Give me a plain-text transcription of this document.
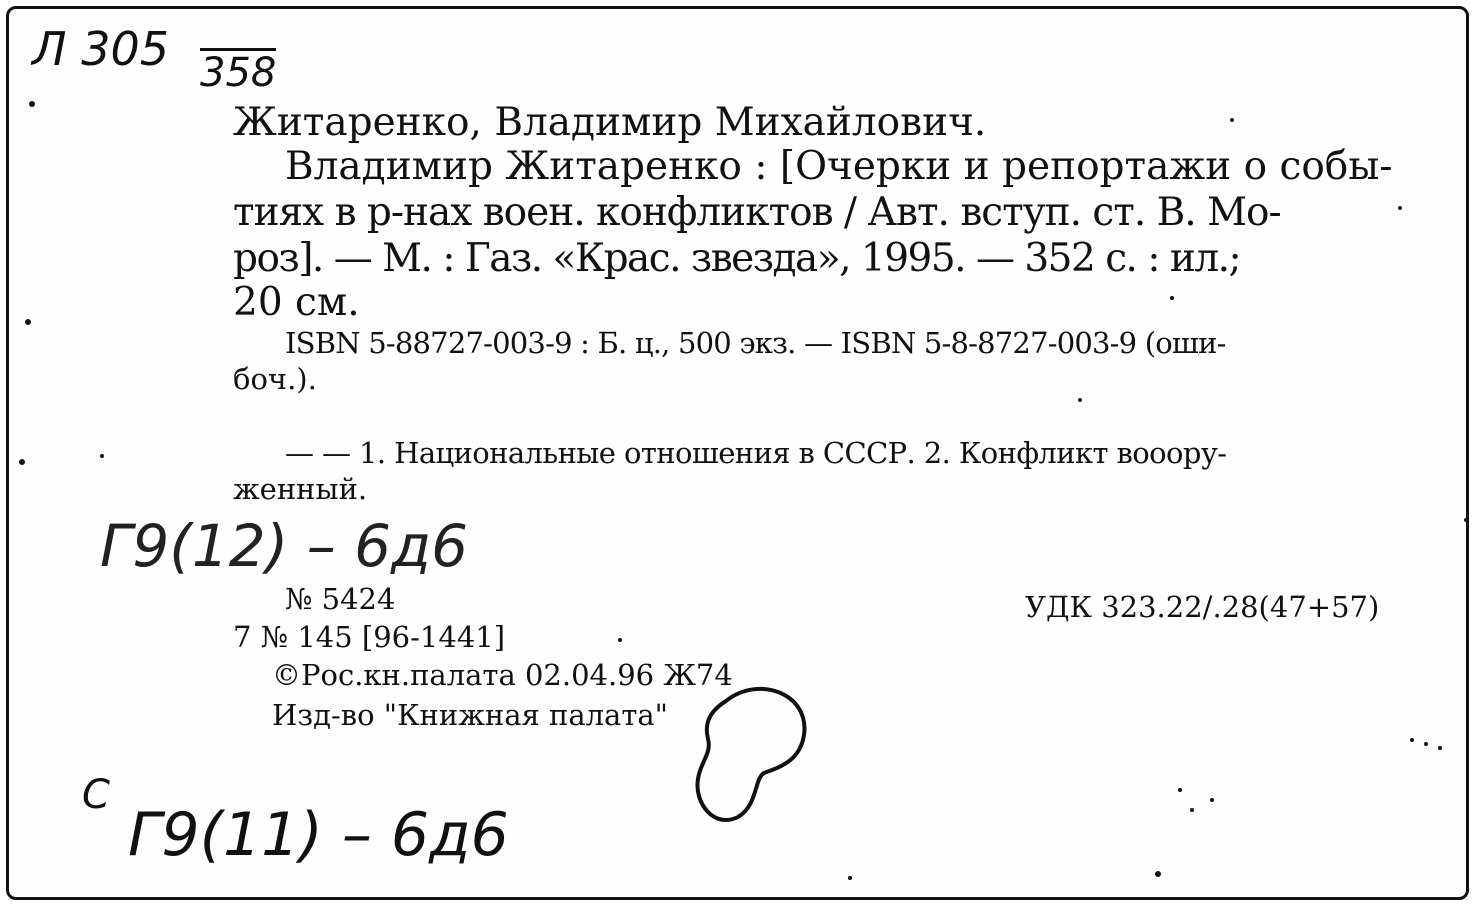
Л 305 358
Житаренко, Владимир Михайлович.
Владимир Житаренко : [Очерки и репортажи о собы-
тиях в р-нах воен. конфликтов / Авт. вступ. ст. В. Мо-
роз]. — М. : Газ. «Крас. звезда», 1995. — 352 с. : ил.;
20 см.
ISBN 5-88727-003-9 : Б. ц., 500 экз. — ISBN 5-8-8727-003-9 (оши-
боч.).
— — 1. Национальные отношения в СССР. 2. Конфликт вооору-
женный.
Г9(12) – 6д6
№ 5424	УДК 323.22/.28(47+57)
7 № 145 [96-1441]
©Рос.кн.палата 02.04.96 Ж74
Изд-во "Книжная палата"
С
Г9(11) – 6д6
